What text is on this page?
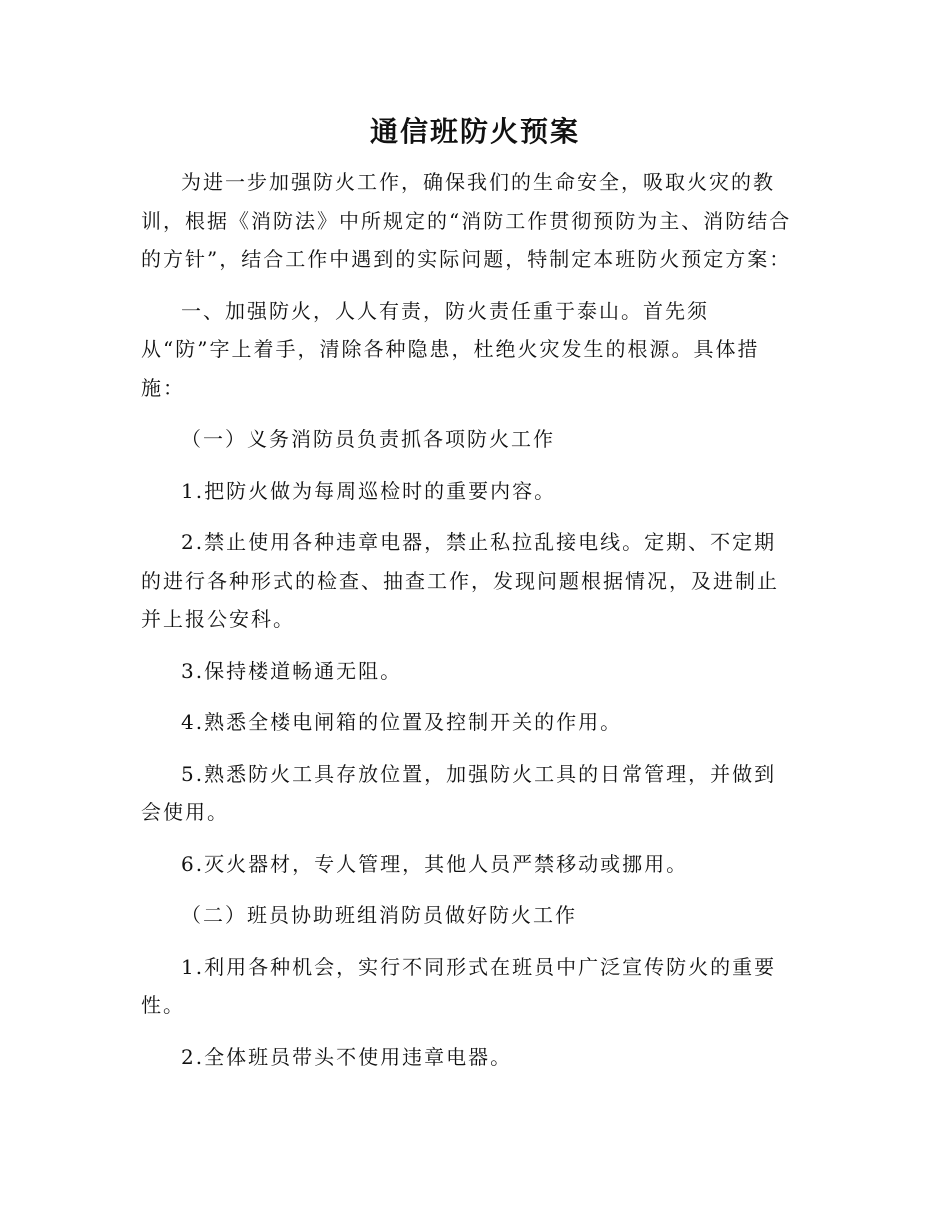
通信班防火预案

为进一步加强防火工作，确保我们的生命安全，吸取火灾的教训，根据《消防法》中所规定的“消防工作贯彻预防为主、消防结合的方针”，结合工作中遇到的实际问题，特制定本班防火预定方案：

一、加强防火，人人有责，防火责任重于泰山。首先须从“防”字上着手，清除各种隐患，杜绝火灾发生的根源。具体措施：

（一）义务消防员负责抓各项防火工作

1.把防火做为每周巡检时的重要内容。

2.禁止使用各种违章电器，禁止私拉乱接电线。定期、不定期的进行各种形式的检查、抽查工作，发现问题根据情况，及进制止并上报公安科。

3.保持楼道畅通无阻。

4.熟悉全楼电闸箱的位置及控制开关的作用。

5.熟悉防火工具存放位置，加强防火工具的日常管理，并做到会使用。

6.灭火器材，专人管理，其他人员严禁移动或挪用。

（二）班员协助班组消防员做好防火工作

1.利用各种机会，实行不同形式在班员中广泛宣传防火的重要性。

2.全体班员带头不使用违章电器。
